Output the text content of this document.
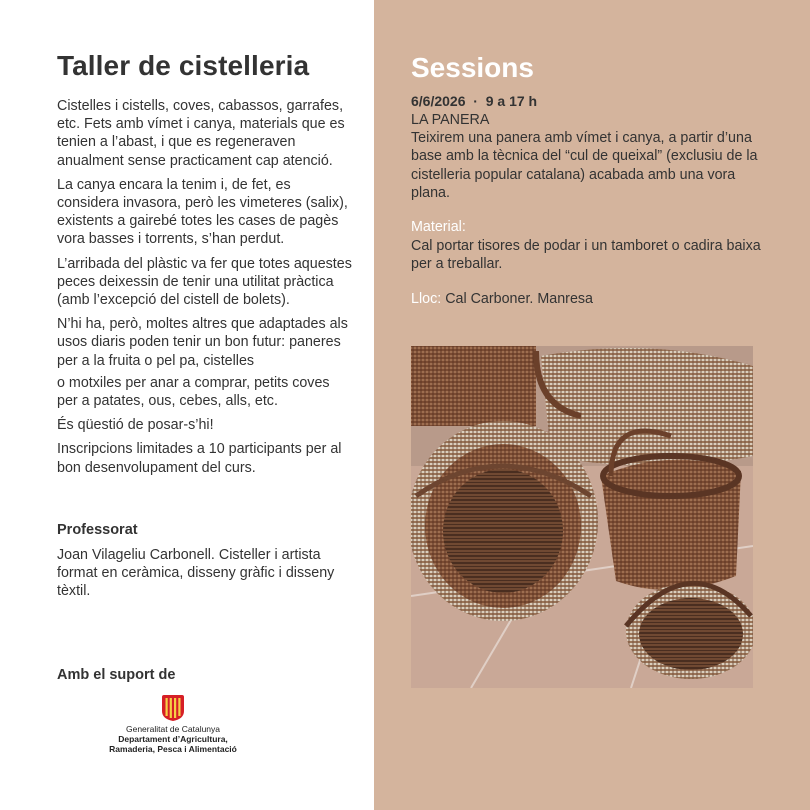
Taller de cistelleria

Cistelles i cistells, coves, cabassos, garrafes, etc. Fets amb vímet i canya, materials que es tenien a l’abast, i que es regeneraven anualment sense practicament cap atenció.

La canya encara la tenim i, de fet, es considera invasora, però les vimeteres (salix), existents a gairebé totes les cases de pagès vora basses i torrents, s’han perdut.

L’arribada del plàstic va fer que totes aquestes peces deixessin de tenir una utilitat pràctica (amb l’excepció del cistell de bolets).

N’hi ha, però, moltes altres que adaptades als usos diaris poden tenir un bon futur: paneres per a la fruita o pel pa, cistelles

o motxiles per anar a comprar, petits coves per a patates, ous, cebes, alls, etc.

És qüestió de posar-s’hi!

Inscripcions limitades a 10 participants per al bon desenvolupament del curs.

Professorat
Joan Vilageliu Carbonell. Cisteller i artista format en ceràmica, disseny gràfic i disseny tèxtil.
Amb el suport de
Generalitat de Catalunya
Departament d’Agricultura,
Ramaderia, Pesca i Alimentació
Sessions
6/6/2026  ·  9 a 17 h
LA PANERA
Teixirem una panera amb vímet i canya, a partir d’una base amb la tècnica del “cul de queixal” (exclusiu de la cistelleria popular catalana) acabada amb una vora plana.
Material:
Cal portar tisores de podar i un tamboret o cadira baixa per a treballar.
Lloc: Cal Carboner. Manresa
